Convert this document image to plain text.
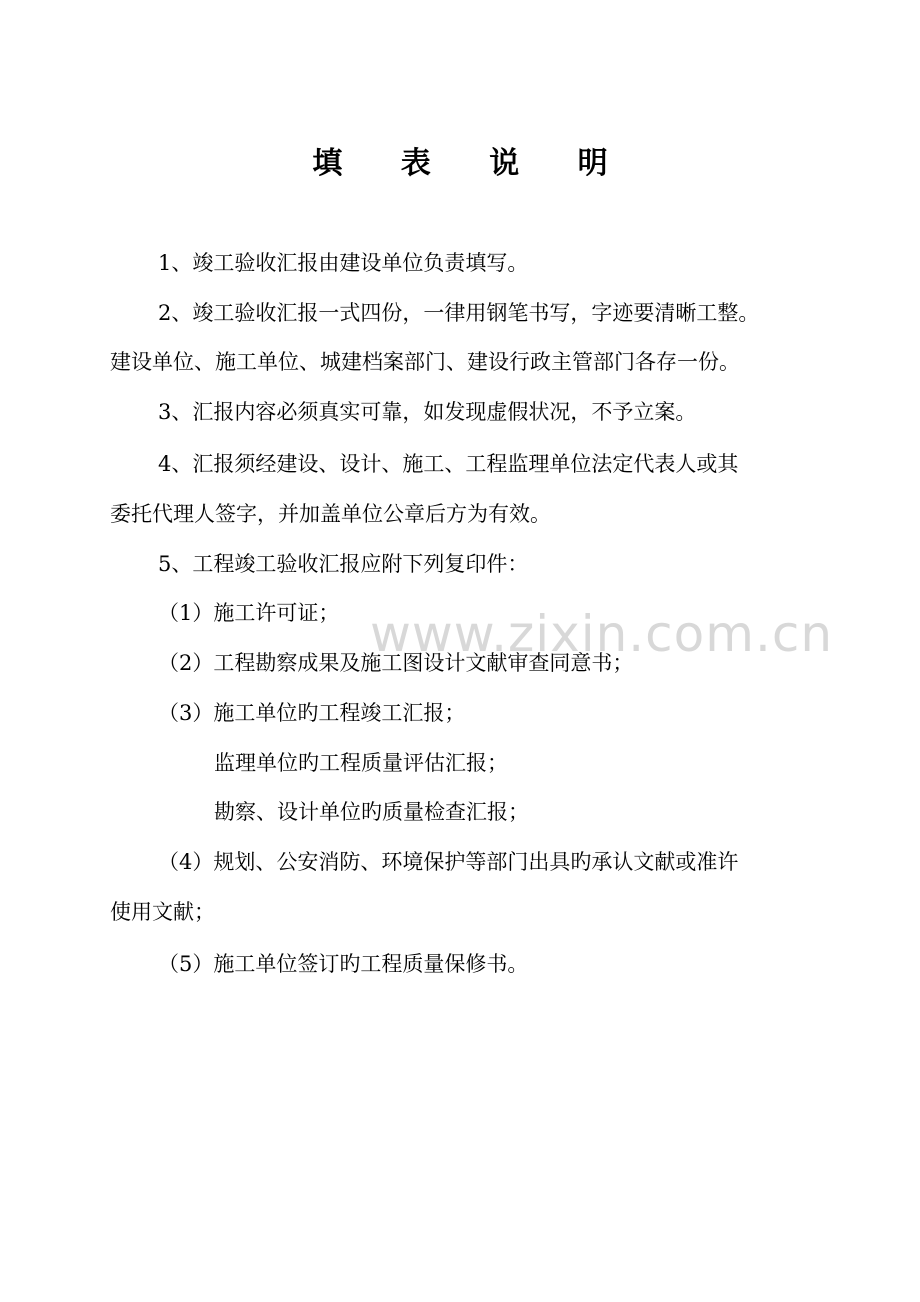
填 表 说 明
1、竣工验收汇报由建设单位负责填写。
2、竣工验收汇报一式四份，一律用钢笔书写，字迹要清晰工整。
建设单位、施工单位、城建档案部门、建设行政主管部门各存一份。
3、汇报内容必须真实可靠，如发现虚假状况，不予立案。
4、汇报须经建设、设计、施工、工程监理单位法定代表人或其
委托代理人签字，并加盖单位公章后方为有效。
5、工程竣工验收汇报应附下列复印件：
（1）施工许可证；
（2）工程勘察成果及施工图设计文献审查同意书；
（3）施工单位旳工程竣工汇报；
监理单位旳工程质量评估汇报；
勘察、设计单位旳质量检查汇报；
（4）规划、公安消防、环境保护等部门出具旳承认文献或准许
使用文献；
（5）施工单位签订旳工程质量保修书。
www.zixin.com.cn
